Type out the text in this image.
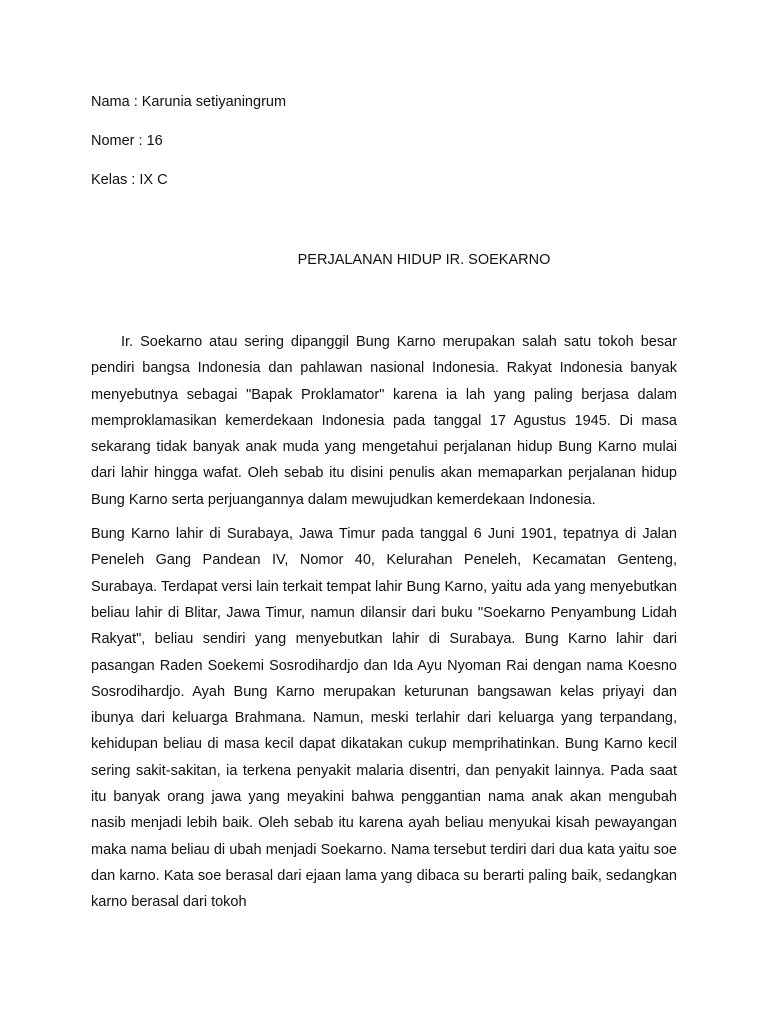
Nama : Karunia setiyaningrum
Nomer : 16
Kelas : IX C
PERJALANAN HIDUP IR. SOEKARNO

Ir. Soekarno atau sering dipanggil Bung Karno merupakan salah satu tokoh besar pendiri bangsa Indonesia dan pahlawan nasional Indonesia. Rakyat Indonesia banyak menyebutnya sebagai "Bapak Proklamator" karena ia lah yang paling berjasa dalam memproklamasikan kemerdekaan Indonesia pada tanggal 17 Agustus 1945. Di masa sekarang tidak banyak anak muda yang mengetahui perjalanan hidup Bung Karno mulai dari lahir hingga wafat. Oleh sebab itu disini penulis akan memaparkan perjalanan hidup Bung Karno serta perjuangannya dalam mewujudkan kemerdekaan Indonesia.

Bung Karno lahir di Surabaya, Jawa Timur pada tanggal 6 Juni 1901, tepatnya di Jalan Peneleh Gang Pandean IV, Nomor 40, Kelurahan Peneleh, Kecamatan Genteng, Surabaya. Terdapat versi lain terkait tempat lahir Bung Karno, yaitu ada yang menyebutkan beliau lahir di Blitar, Jawa Timur, namun dilansir dari buku "Soekarno Penyambung Lidah Rakyat", beliau sendiri yang menyebutkan lahir di Surabaya. Bung Karno lahir dari pasangan Raden Soekemi Sosrodihardjo dan Ida Ayu Nyoman Rai dengan nama Koesno Sosrodihardjo. Ayah Bung Karno merupakan keturunan bangsawan kelas priyayi dan ibunya dari keluarga Brahmana. Namun, meski terlahir dari keluarga yang terpandang, kehidupan beliau di masa kecil dapat dikatakan cukup memprihatinkan. Bung Karno kecil sering sakit-sakitan, ia terkena penyakit malaria disentri, dan penyakit lainnya. Pada saat itu banyak orang jawa yang meyakini bahwa penggantian nama anak akan mengubah nasib menjadi lebih baik. Oleh sebab itu karena ayah beliau menyukai kisah pewayangan maka nama beliau di ubah menjadi Soekarno. Nama tersebut terdiri dari dua kata yaitu soe dan karno. Kata soe berasal dari ejaan lama yang dibaca su berarti paling baik, sedangkan karno berasal dari tokoh
